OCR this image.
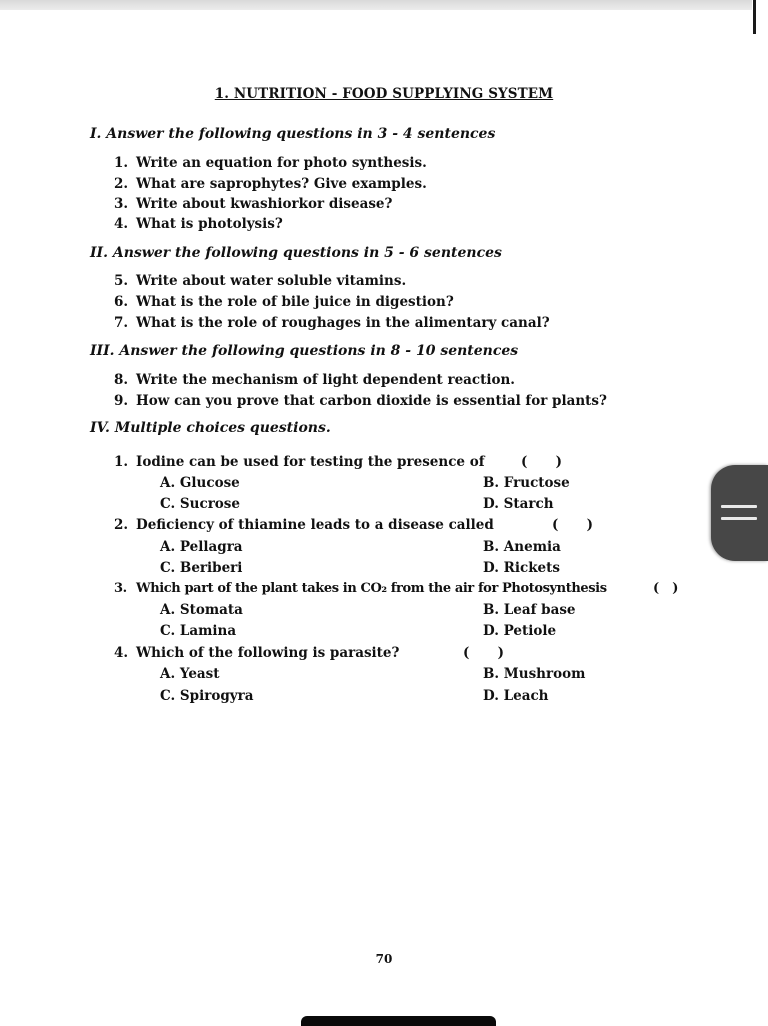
1. NUTRITION - FOOD SUPPLYING SYSTEM
I. Answer the following questions in 3 - 4 sentences
1. Write an equation for photo synthesis.
2. What are saprophytes? Give examples.
3. Write about kwashiorkor disease?
4. What is photolysis?
II. Answer the following questions in 5 - 6 sentences
5. Write about water soluble vitamins.
6. What is the role of bile juice in digestion?
7. What is the role of roughages in the alimentary canal?
III. Answer the following questions in 8 - 10 sentences
8. Write the mechanism of light dependent reaction.
9. How can you prove that carbon dioxide is essential for plants?
IV. Multiple choices questions.
1. Iodine can be used for testing the presence of	(      )
A. Glucose	B. Fructose
C. Sucrose	D. Starch
2. Deficiency of thiamine leads to a disease called	(      )
A. Pellagra	B. Anemia
C. Beriberi	D. Rickets
3. Which part of the plant takes in CO₂ from the air for Photosynthesis	(      )
A. Stomata	B. Leaf base
C. Lamina	D. Petiole
4. Which of the following is parasite?	(      )
A. Yeast	B. Mushroom
C. Spirogyra	D. Leach
70
